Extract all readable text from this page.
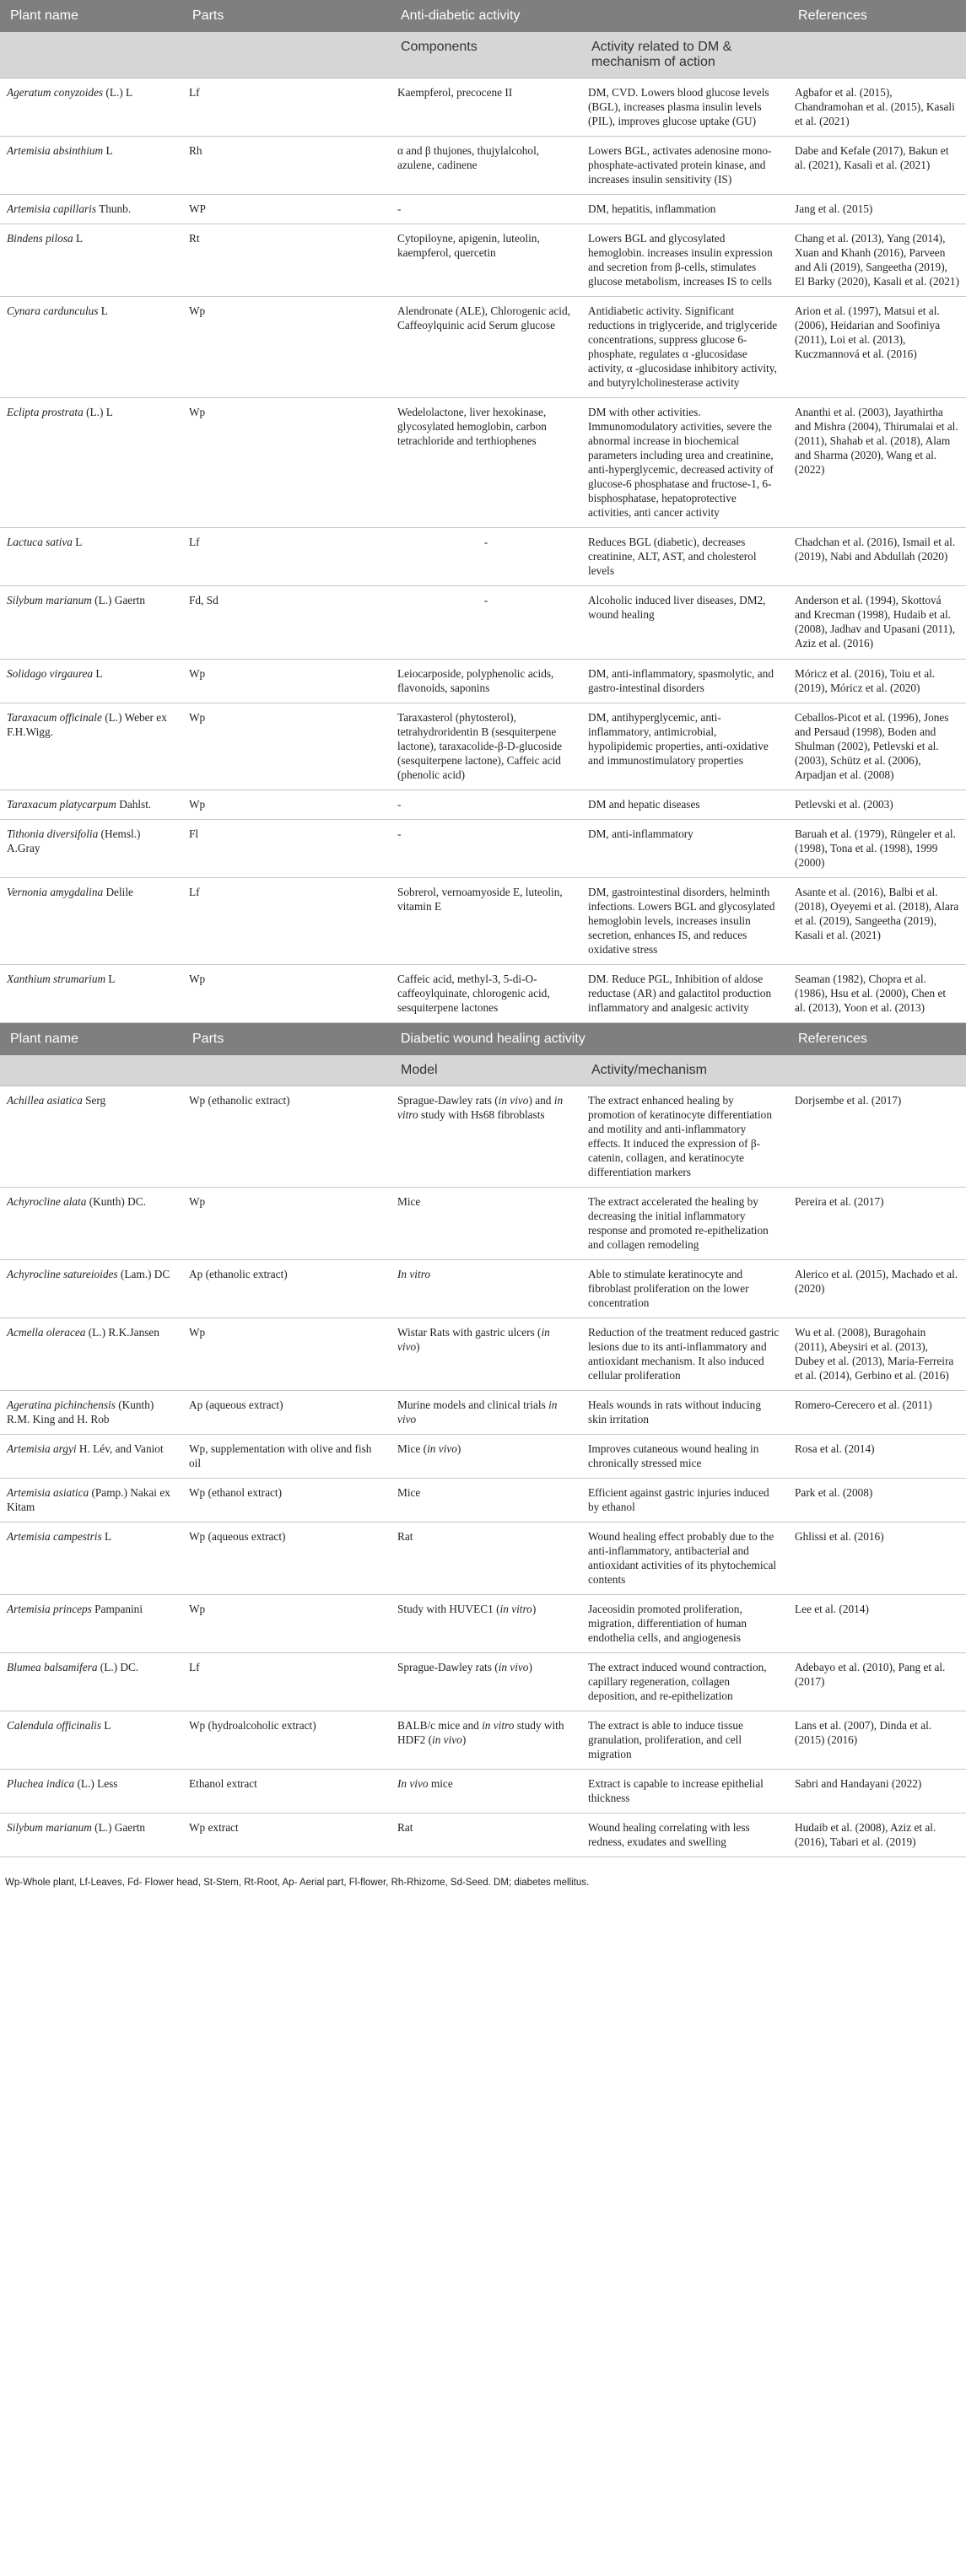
Plant name	Parts	Anti-diabetic activity		References
		Components	Activity related to DM & mechanism of action	
Ageratum conyzoides (L.) L	Lf	Kaempferol, precocene II	DM, CVD. Lowers blood glucose levels (BGL), increases plasma insulin levels (PIL), improves glucose uptake (GU)	Agbafor et al. (2015), Chandramohan et al. (2015), Kasali et al. (2021)
Artemisia absinthium L	Rh	α and β thujones, thujylalcohol, azulene, cadinene	Lowers BGL, activates adenosine mono-phosphate-activated protein kinase, and increases insulin sensitivity (IS)	Dabe and Kefale (2017), Bakun et al. (2021), Kasali et al. (2021)
Artemisia capillaris Thunb.	WP	-	DM, hepatitis, inflammation	Jang et al. (2015)
Bindens pilosa L	Rt	Cytopiloyne, apigenin, luteolin, kaempferol, quercetin	Lowers BGL and glycosylated hemoglobin. increases insulin expression and secretion from β-cells, stimulates glucose metabolism, increases IS to cells	Chang et al. (2013), Yang (2014), Xuan and Khanh (2016), Parveen and Ali (2019), Sangeetha (2019), El Barky (2020), Kasali et al. (2021)
Cynara cardunculus L	Wp	Alendronate (ALE), Chlorogenic acid, Caffeoylquinic acid Serum glucose	Antidiabetic activity. Significant reductions in triglyceride, and triglyceride concentrations, suppress glucose 6-phosphate, regulates α -glucosidase activity, α -glucosidase inhibitory activity, and butyrylcholinesterase activity	Arion et al. (1997), Matsui et al. (2006), Heidarian and Soofiniya (2011), Loi et al. (2013), Kuczmannová et al. (2016)
Eclipta prostrata (L.) L	Wp	Wedelolactone, liver hexokinase, glycosylated hemoglobin, carbon tetrachloride and terthiophenes	DM with other activities. Immunomodulatory activities, severe the abnormal increase in biochemical parameters including urea and creatinine, anti-hyperglycemic, decreased activity of glucose-6 phosphatase and fructose-1, 6-bisphosphatase, hepatoprotective activities, anti cancer activity	Ananthi et al. (2003), Jayathirtha and Mishra (2004), Thirumalai et al. (2011), Shahab et al. (2018), Alam and Sharma (2020), Wang et al. (2022)
Lactuca sativa L	Lf	-	Reduces BGL (diabetic), decreases creatinine, ALT, AST, and cholesterol levels	Chadchan et al. (2016), Ismail et al. (2019), Nabi and Abdullah (2020)
Silybum marianum (L.) Gaertn	Fd, Sd	-	Alcoholic induced liver diseases, DM2, wound healing	Anderson et al. (1994), Skottová and Krecman (1998), Hudaib et al. (2008), Jadhav and Upasani (2011), Aziz et al. (2016)
Solidago virgaurea L	Wp	Leiocarposide, polyphenolic acids, flavonoids, saponins	DM, anti-inflammatory, spasmolytic, and gastro-intestinal disorders	Móricz et al. (2016), Toiu et al. (2019), Móricz et al. (2020)
Taraxacum officinale (L.) Weber ex F.H.Wigg.	Wp	Taraxasterol (phytosterol), tetrahydroridentin B (sesquiterpene lactone), taraxacolide-β-D-glucoside (sesquiterpene lactone), Caffeic acid (phenolic acid)	DM, antihyperglycemic, anti-inflammatory, antimicrobial, hypolipidemic properties, anti-oxidative and immunostimulatory properties	Ceballos-Picot et al. (1996), Jones and Persaud (1998), Boden and Shulman (2002), Petlevski et al. (2003), Schütz et al. (2006), Arpadjan et al. (2008)
Taraxacum platycarpum Dahlst.	Wp	-	DM and hepatic diseases	Petlevski et al. (2003)
Tithonia diversifolia (Hemsl.) A.Gray	Fl	-	DM, anti-inflammatory	Baruah et al. (1979), Rüngeler et al. (1998), Tona et al. (1998), 1999 (2000)
Vernonia amygdalina Delile	Lf	Sobrerol, vernoamyoside E, luteolin, vitamin E	DM, gastrointestinal disorders, helminth infections. Lowers BGL and glycosylated hemoglobin levels, increases insulin secretion, enhances IS, and reduces oxidative stress	Asante et al. (2016), Balbi et al. (2018), Oyeyemi et al. (2018), Alara et al. (2019), Sangeetha (2019), Kasali et al. (2021)
Xanthium strumarium L	Wp	Caffeic acid, methyl-3, 5-di-O-caffeoylquinate, chlorogenic acid, sesquiterpene lactones	DM. Reduce PGL, Inhibition of aldose reductase (AR) and galactitol production inflammatory and analgesic activity	Seaman (1982), Chopra et al. (1986), Hsu et al. (2000), Chen et al. (2013), Yoon et al. (2013)
Plant name	Parts	Diabetic wound healing activity		References
		Model	Activity/mechanism	
Achillea asiatica Serg	Wp (ethanolic extract)	Sprague-Dawley rats (in vivo) and in vitro study with Hs68 fibroblasts	The extract enhanced healing by promotion of keratinocyte differentiation and motility and anti-inflammatory effects. It induced the expression of β-catenin, collagen, and keratinocyte differentiation markers	Dorjsembe et al. (2017)
Achyrocline alata (Kunth) DC.	Wp	Mice	The extract accelerated the healing by decreasing the initial inflammatory response and promoted re-epithelization and collagen remodeling	Pereira et al. (2017)
Achyrocline satureioides (Lam.) DC	Ap (ethanolic extract)	In vitro	Able to stimulate keratinocyte and fibroblast proliferation on the lower concentration	Alerico et al. (2015), Machado et al. (2020)
Acmella oleracea (L.) R.K.Jansen	Wp	Wistar Rats with gastric ulcers (in vivo)	Reduction of the treatment reduced gastric lesions due to its anti-inflammatory and antioxidant mechanism. It also induced cellular proliferation	Wu et al. (2008), Buragohain (2011), Abeysiri et al. (2013), Dubey et al. (2013), Maria-Ferreira et al. (2014), Gerbino et al. (2016)
Ageratina pichinchensis (Kunth) R.M. King and H. Rob	Ap (aqueous extract)	Murine models and clinical trials in vivo	Heals wounds in rats without inducing skin irritation	Romero-Cerecero et al. (2011)
Artemisia argyi H. Lév, and Vaniot	Wp, supplementation with olive and fish oil	Mice (in vivo)	Improves cutaneous wound healing in chronically stressed mice	Rosa et al. (2014)
Artemisia asiatica (Pamp.) Nakai ex Kitam	Wp (ethanol extract)	Mice	Efficient against gastric injuries induced by ethanol	Park et al. (2008)
Artemisia campestris L	Wp (aqueous extract)	Rat	Wound healing effect probably due to the anti-inflammatory, antibacterial and antioxidant activities of its phytochemical contents	Ghlissi et al. (2016)
Artemisia princeps Pampanini	Wp	Study with HUVEC1 (in vitro)	Jaceosidin promoted proliferation, migration, differentiation of human endothelia cells, and angiogenesis	Lee et al. (2014)
Blumea balsamifera (L.) DC.	Lf	Sprague-Dawley rats (in vivo)	The extract induced wound contraction, capillary regeneration, collagen deposition, and re-epithelization	Adebayo et al. (2010), Pang et al. (2017)
Calendula officinalis L	Wp (hydroalcoholic extract)	BALB/c mice and in vitro study with HDF2 (in vivo)	The extract is able to induce tissue granulation, proliferation, and cell migration	Lans et al. (2007), Dinda et al. (2015) (2016)
Pluchea indica (L.) Less	Ethanol extract	In vivo mice	Extract is capable to increase epithelial thickness	Sabri and Handayani (2022)
Silybum marianum (L.) Gaertn	Wp extract	Rat	Wound healing correlating with less redness, exudates and swelling	Hudaib et al. (2008), Aziz et al. (2016), Tabari et al. (2019)
Wp-Whole plant, Lf-Leaves, Fd- Flower head, St-Stem, Rt-Root, Ap- Aerial part, Fl-flower, Rh-Rhizome, Sd-Seed. DM; diabetes mellitus.
